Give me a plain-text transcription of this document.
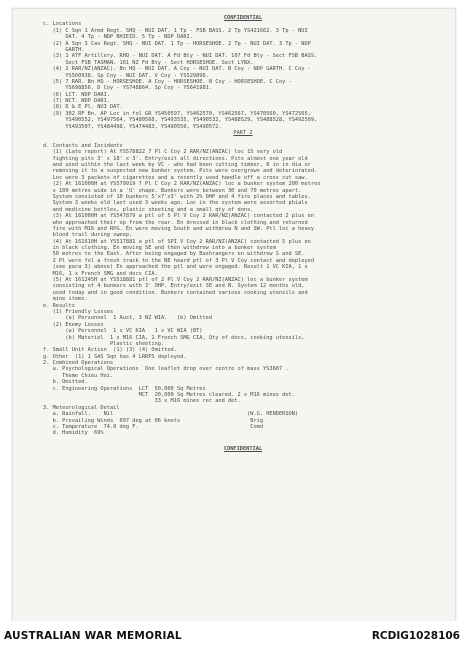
CONFIDENTIAL
c. Locations
(1) C Sqn 1 Armd Regt. SHQ - NUI DAT. 1 Tp - FSB BASS. 2 Tp YS421662. 3 Tp - NUI
DAT. 4 Tp - NDP BHIEID. 5 Tp - NDP DARI.
(2) A Sqn 3 Cav Regt. SHQ - NUI DAT. 1 Tp - HORSESHOE. 2 Tp - NUI DAT. 3 Tp - NDP
GARTH.
(3) 1 ATF Artillery. RHQ - NUI DAT. A Fd Bty - NUI DAT. 107 Fd Bty - Sect FSB BASS.
Sect FSB TASMAN. 161 NZ Fd Bty - Sect HORSESHOE. Sect LYNX.
(4) 2 RAR/NZ(ANZAC). Bn HQ - NUI DAT. A Coy - NUI DAT. B Coy - NDP GARTH. C Coy -
YS560938. Sp Coy - NUI DAT. V Coy - YS529896.
(5) 7 RAR. Bn HQ - HORSESHOE. A Coy - HORSESHOE. B Coy - HORSESHOE. C Coy -
YS698856. D Coy - YS748864. Sp Coy - YS641981.
(6) LCT. NDP DARI.
(7) NCT. NDP DARI.
(8) D & E Pl. NUI DAT.
(9) 302 RF Bn. AP Loc in fol GR YS450597, YS462570, YS462567, YS470560, YS472565,
YS490552, YS497564, YS480560, YS493535, YS490532, YS488529, YS488528, YS492509,
YS493507, YS484498, YS474483, YS490550, YS490572.
PART 2
d. Contacts and Incidents
(1) (Late report) At YS578822 7 Pl C Coy 2 RAR/NZ(ANZAC) loc 15 very old
fighting pits 3' x 18' x 3'. Entry/exit all directions. Pits almost one year old
and used within the last week by VC - who had been cutting timber, 8 in in dia or
removing it to a suspected new bunker system. Pits were overgrown and deteriorated.
Loc were 3 packets of cigarettes and a recently used handle off a cross cut saw.
(2) At 161000H at YS579919 7 Pl C Coy 2 RAR/NZ(ANZAC) loc a bunker system 200 metres
x 100 metres wide in a 'U' shape. Bunkers were between 30 and 70 metres apart.
System consisted of 10 bunkers 5'x7'x3' with 2% OHP and 4 fire places and tables.
System 3 weeks old last used 3 weeks ago. Loc in the system were assorted phials
and medicine bottles, plastic sheeting and a small qty of dons.
(3) At 161000H at YS547879 a ptl of 5 Pl V Coy 2 RAR/NZ(ANZAC) contacted 2 plus en
who approached their op from the rear. En dressed in black clothing and returned
fire with M16 and RPG. En were moving South and withdrew N and SW. Ptl loc a heavy
blood trail during sweep.
(4) At 161610H at YS517881 a ptl of SPI V Coy 2 RAR/NZ(ANZAC) contacted 5 plus en
in black clothing. En moving SE and then withdrew into a bunker system
50 metres to the East. After being engaged by Bushrangers en withdrew S and SE.
2 Pl were fol a fresh track to the NE heard ptl of 3 Pl V Coy contact and deployed
(see para 3) above) En approached the ptl and were engaged. Result 1 VC KIA, 1 x
M16, 1 x French SMG and docs CIA.
(5) At 161245H at YS518881 ptl of 2 Pl V Coy 2 RAR/NZ(ANZAC) loc a bunker system
consisting of 4 bunkers with 3' OHP. Entry/exit SE and N. System 12 months old,
used today and in good condition. Bunkers contained various cooking utensils and
mine items.
e. Results
(1) Friendly Losses
(a) Personnel  1 Aust, 3 NZ WIA.   (b) Omitted
(2) Enemy Losses
(a) Personnel  1 x VC KIA   1 x VC WIA (BT)
(b) Materiel  1 x M16 CIA, 1 French SMG CIA, Qty of docs, cooking utensils,
Plastic sheeting.
f. Small Unit Action  (1) (3) (4) Omitted.
g. Other  (1) 1 SAS Sqn has 4 LRRPS deployed.
2. Combined Operations
a. Psychological Operations  One leaflet drop over centre of mass YS3687 .
Theme Chieu Hoi.
b. Omitted.
c. Engineering Operations  LCT  50,000 Sq Metres
MCT  20,000 Sq Metres cleared. 2 x M16 mines det.
33 x M16 mines rec and det.
3. Meteorological Detail
a. Rainfall.    Nil                                          (W.G. HENDERSON)
b. Prevailing Winds  097 deg at 06 knots                      Brig
c. Temperature  74.8 deg F.                                   Comd
d. Humidity  69%
CONFIDENTIAL
AUSTRALIAN WAR MEMORIAL	RCDIG1028106
